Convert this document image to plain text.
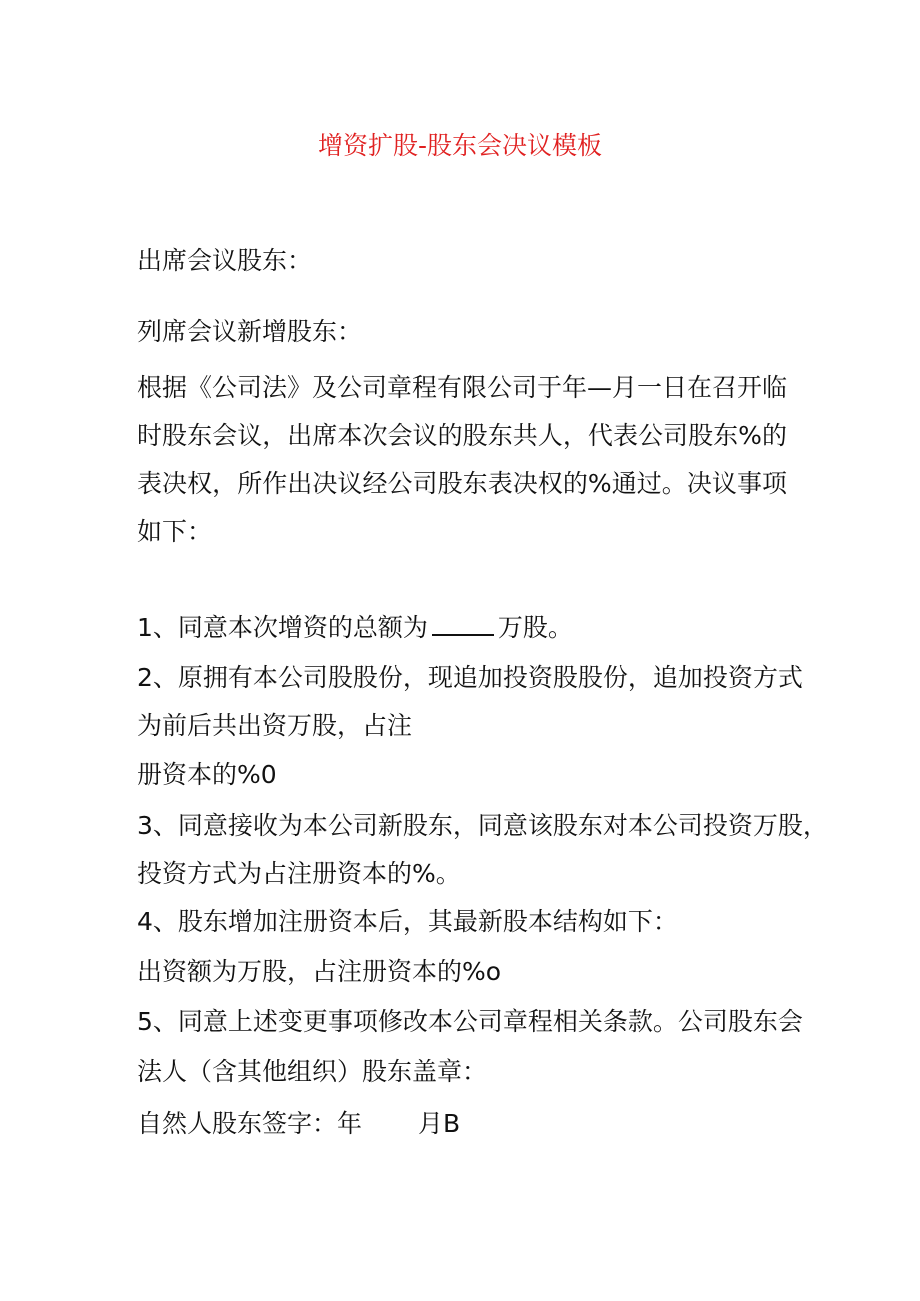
增资扩股-股东会决议模板
出席会议股东：
列席会议新增股东：
根据《公司法》及公司章程有限公司于年—月一日在召开临
时股东会议，出席本次会议的股东共人，代表公司股东%的
表决权，所作出决议经公司股东表决权的%通过。决议事项
如下：
1、同意本次增资的总额为	万股。
2、原拥有本公司股股份，现追加投资股股份，追加投资方式
为前后共出资万股，占注
册资本的%0
3、同意接收为本公司新股东，同意该股东对本公司投资万股，
投资方式为占注册资本的%。
4、股东增加注册资本后，其最新股本结构如下：
出资额为万股，占注册资本的%o
5、同意上述变更事项修改本公司章程相关条款。公司股东会
法人（含其他组织）股东盖章：
自然人股东签字：年 月B
